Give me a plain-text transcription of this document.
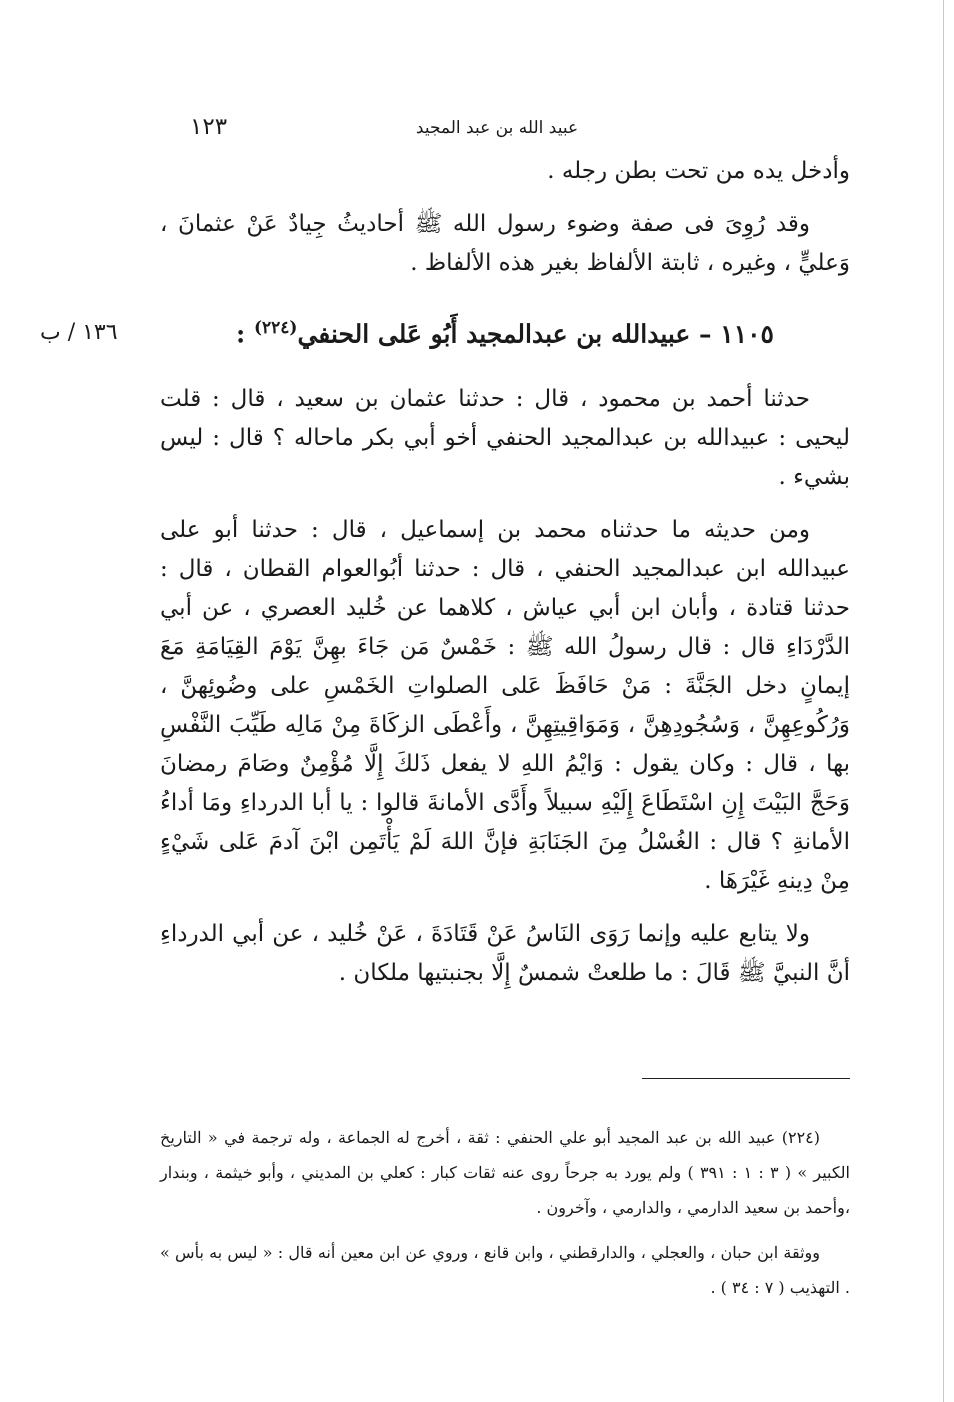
عبيد الله بن عبد المجيد
١٢٣

وأدخل يده من تحت بطن رجله .

وقد رُوِىَ فى صفة وضوء رسول الله ﷺ أحاديثُ جِيادٌ عَنْ عثمانَ ، وَعليٍّ ، وغيره ، ثابتة الألفاظ بغير هذه الألفاظ .

١٣٦ / ب	١١٠٥ – عبيدالله بن عبدالمجيد أَبُو عَلى الحنفي$^{(٢٢٤)}$ :

حدثنا أحمد بن محمود ، قال : حدثنا عثمان بن سعيد ، قال : قلت ليحيى : عبيدالله بن عبدالمجيد الحنفي أخو أبي بكر ماحاله ؟ قال : ليس بشيء .

ومن حديثه ما حدثناه محمد بن إسماعيل ، قال : حدثنا أبو على عبيدالله ابن عبدالمجيد الحنفي ، قال : حدثنا أبُوالعوام القطان ، قال : حدثنا قتادة ، وأبان ابن أبي عياش ، كلاهما عن خُليد العصري ، عن أبي الدَّرْدَاءِ قال : قال رسولُ الله ﷺ : خَمْسٌ مَن جَاءَ بهِنَّ يَوْمَ القِيَامَةِ مَعَ إيمانٍ دخل الجَنَّةَ : مَنْ حَافَظَ عَلى الصلواتِ الخَمْسِ على وضُوئِهنَّ ، وَرُكُوعِهِنَّ ، وَسُجُودِهِنَّ ، وَمَوَاقِيتِهِنَّ ، وأَعْطَى الزكَاةَ مِنْ مَالِه طَيِّبَ النَّفْسِ بها ، قال : وكان يقول : وَايْمُ اللهِ لا يفعل ذَلكَ إِلَّا مُؤْمِنٌ وصَامَ رمضانَ وَحَجَّ البَيْتَ إِنِ اسْتَطَاعَ إِلَيْهِ سبيلاً وأَدَّى الأمانةَ قالوا : يا أبا الدرداءِ ومَا أداءُ الأمانةِ ؟ قال : الغُسْلُ مِنَ الجَنَابَةِ فإنَّ اللهَ لَمْ يَأْتَمِن ابْنَ آدمَ عَلى شَيْءٍ مِنْ دِينهِ غَيْرَهَا .

ولا يتابع عليه وإنما رَوَى النَاسُ عَنْ قَتَادَةَ ، عَنْ خُليد ، عن أبي الدرداءِ أنَّ النبيَّ ﷺ قَالَ : ما طلعتْ شمسٌ إِلَّا بجنبتيها ملكان .

(٢٢٤) عبيد الله بن عبد المجيد أبو علي الحنفي : ثقة ، أخرج له الجماعة ، وله ترجمة في « التاريخ الكبير » ( ٣ : ١ : ٣٩١ ) ولم يورد به جرحاً روى عنه ثقات كبار : كعلي بن المديني ، وأبو خيثمة ، وبندار ،وأحمد بن سعيد الدارمي ، والدارمي ، وآخرون .

ووثقة ابن حبان ، والعجلي ، والدارقطني ، وابن قانع ، وروي عن ابن معين أنه قال : « ليس به بأس » . التهذيب ( ٧ : ٣٤ ) .
